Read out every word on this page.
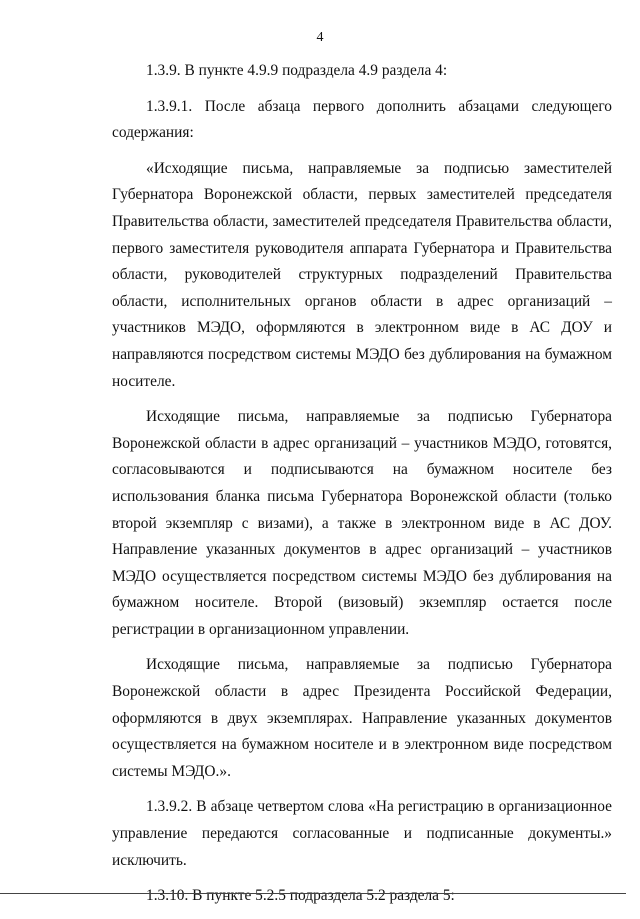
4

1.3.9. В пункте 4.9.9 подраздела 4.9 раздела 4:

1.3.9.1. После абзаца первого дополнить абзацами следующего содержания:

«Исходящие письма, направляемые за подписью заместителей Губернатора Воронежской области, первых заместителей председателя Правительства области, заместителей председателя Правительства области, первого заместителя руководителя аппарата Губернатора и Правительства области, руководителей структурных подразделений Правительства области, исполнительных органов области в адрес организаций – участников МЭДО, оформляются в электронном виде в АС ДОУ и направляются посредством системы МЭДО без дублирования на бумажном носителе.

Исходящие письма, направляемые за подписью Губернатора Воронежской области в адрес организаций – участников МЭДО, готовятся, согласовываются и подписываются на бумажном носителе без использования бланка письма Губернатора Воронежской области (только второй экземпляр с визами), а также в электронном виде в АС ДОУ. Направление указанных документов в адрес организаций – участников МЭДО осуществляется посредством системы МЭДО без дублирования на бумажном носителе. Второй (визовый) экземпляр остается после регистрации в организационном управлении.

Исходящие письма, направляемые за подписью Губернатора Воронежской области в адрес Президента Российской Федерации, оформляются в двух экземплярах. Направление указанных документов осуществляется на бумажном носителе и в электронном виде посредством системы МЭДО.».

1.3.9.2. В абзаце четвертом слова «На регистрацию в организационное управление передаются согласованные и подписанные документы.» исключить.

1.3.10. В пункте 5.2.5 подраздела 5.2 раздела 5:
